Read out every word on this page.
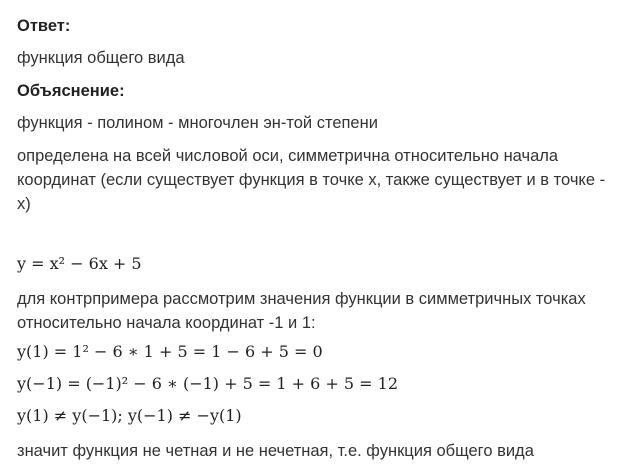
Ответ:

функция общего вида

Объяснение:

функция - полином - многочлен эн-той степени

определена на всей числовой оси, симметрична относительно начала координат (если существует функция в точке x, также существует и в точке -x)

y = x² − 6x + 5

для контрпримера рассмотрим значения функции в симметричных точках относительно начала координат -1 и 1:

y(1) = 1² − 6 ∗ 1 + 5 = 1 − 6 + 5 = 0

y(−1) = (−1)² − 6 ∗ (−1) + 5 = 1 + 6 + 5 = 12

y(1) ≠ y(−1); y(−1) ≠ −y(1)

значит функция не четная и не нечетная, т.е. функция общего вида
